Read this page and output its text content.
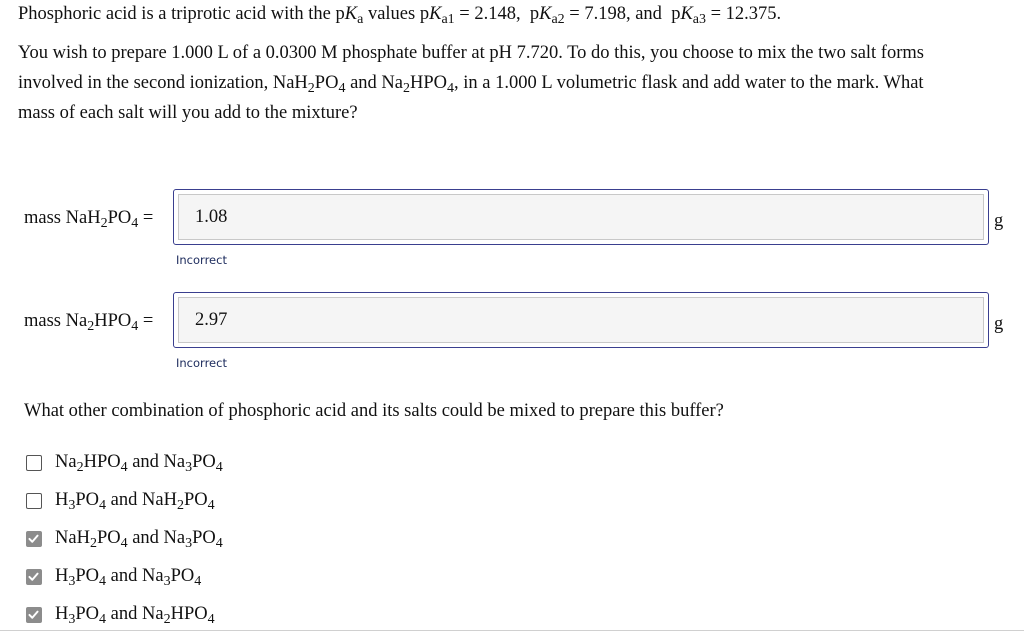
Phosphoric acid is a triprotic acid with the $pK_a$ values $pK_{a1} = 2.148$, $pK_{a2} = 7.198$, and $pK_{a3} = 12.375$.
You wish to prepare 1.000 L of a 0.0300 M phosphate buffer at pH 7.720. To do this, you choose to mix the two salt forms
involved in the second ionization, $NaH_2PO_4$ and $Na_2HPO_4$, in a 1.000 L volumetric flask and add water to the mark. What
mass of each salt will you add to the mixture?
mass $NaH_2PO_4$ =
1.08	g
Incorrect
mass $Na_2HPO_4$ =
2.97	g
Incorrect
What other combination of phosphoric acid and its salts could be mixed to prepare this buffer?
$Na_2HPO_4$ and $Na_3PO_4$
$H_3PO_4$ and $NaH_2PO_4$
$NaH_2PO_4$ and $Na_3PO_4$
$H_3PO_4$ and $Na_3PO_4$
$H_3PO_4$ and $Na_2HPO_4$
